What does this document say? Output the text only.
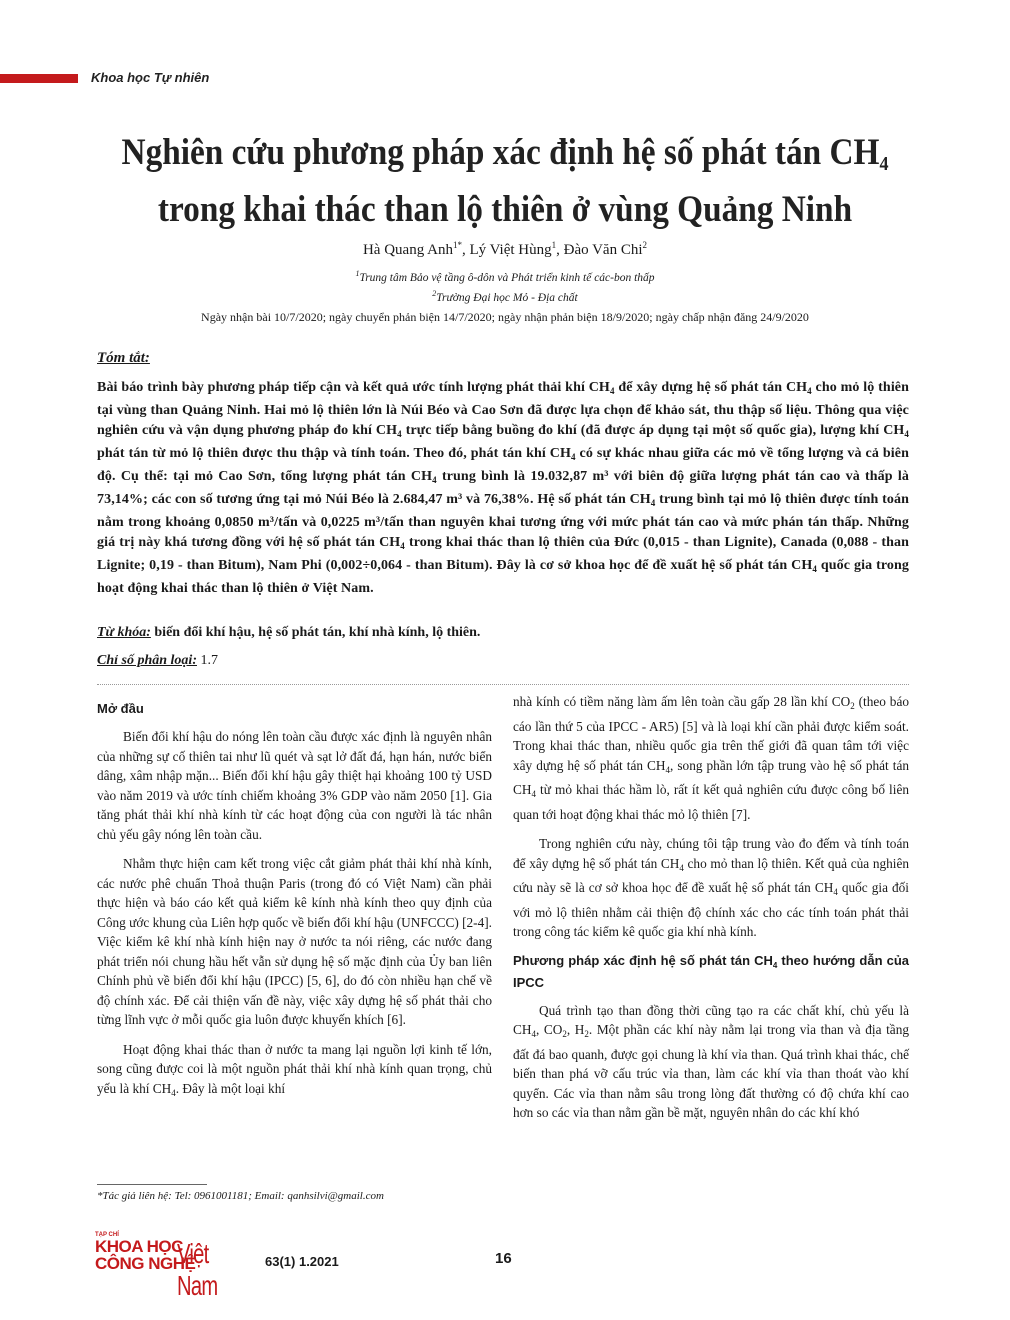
Khoa học Tự nhiên
Nghiên cứu phương pháp xác định hệ số phát tán $CH_4$
trong khai thác than lộ thiên ở vùng Quảng Ninh
Hà Quang Anh$^{1*}$, Lý Việt Hùng$^1$, Đào Văn Chi$^2$
$^1$Trung tâm Bảo vệ tầng ô-dôn và Phát triển kinh tế các-bon thấp
$^2$Trường Đại học Mỏ - Địa chất
Ngày nhận bài 10/7/2020; ngày chuyển phản biện 14/7/2020; ngày nhận phản biện 18/9/2020; ngày chấp nhận đăng 24/9/2020
Tóm tắt:
Bài báo trình bày phương pháp tiếp cận và kết quả ước tính lượng phát thải khí $CH_4$ để xây dựng hệ số phát tán $CH_4$ cho mỏ lộ thiên tại vùng than Quảng Ninh. Hai mỏ lộ thiên lớn là Núi Béo và Cao Sơn đã được lựa chọn để khảo sát, thu thập số liệu. Thông qua việc nghiên cứu và vận dụng phương pháp đo khí $CH_4$ trực tiếp bằng buồng đo khí (đã được áp dụng tại một số quốc gia), lượng khí $CH_4$ phát tán từ mỏ lộ thiên được thu thập và tính toán. Theo đó, phát tán khí $CH_4$ có sự khác nhau giữa các mỏ về tổng lượng và cả biên độ. Cụ thể: tại mỏ Cao Sơn, tổng lượng phát tán $CH_4$ trung bình là 19.032,87 m³ với biên độ giữa lượng phát tán cao và thấp là 73,14%; các con số tương ứng tại mỏ Núi Béo là 2.684,47 m³ và 76,38%. Hệ số phát tán $CH_4$ trung bình tại mỏ lộ thiên được tính toán nằm trong khoảng 0,0850 m³/tấn và 0,0225 m³/tấn than nguyên khai tương ứng với mức phát tán cao và mức phán tán thấp. Những giá trị này khá tương đồng với hệ số phát tán $CH_4$ trong khai thác than lộ thiên của Đức (0,015 - than Lignite), Canada (0,088 - than Lignite; 0,19 - than Bitum), Nam Phi (0,002÷0,064 - than Bitum). Đây là cơ sở khoa học để đề xuất hệ số phát tán $CH_4$ quốc gia trong hoạt động khai thác than lộ thiên ở Việt Nam.
Từ khóa: biến đổi khí hậu, hệ số phát tán, khí nhà kính, lộ thiên.
Chỉ số phân loại: 1.7
Mở đầu

Biến đổi khí hậu do nóng lên toàn cầu được xác định là nguyên nhân của những sự cố thiên tai như lũ quét và sạt lở đất đá, hạn hán, nước biển dâng, xâm nhập mặn... Biến đổi khí hậu gây thiệt hại khoảng 100 tỷ USD vào năm 2019 và ước tính chiếm khoảng 3% GDP vào năm 2050 [1]. Gia tăng phát thải khí nhà kính từ các hoạt động của con người là tác nhân chủ yếu gây nóng lên toàn cầu.

Nhằm thực hiện cam kết trong việc cắt giảm phát thải khí nhà kính, các nước phê chuẩn Thoả thuận Paris (trong đó có Việt Nam) cần phải thực hiện và báo cáo kết quả kiểm kê kính nhà kính theo quy định của Công ước khung của Liên hợp quốc về biến đổi khí hậu (UNFCCC) [2-4]. Việc kiểm kê khí nhà kính hiện nay ở nước ta nói riêng, các nước đang phát triển nói chung hầu hết vẫn sử dụng hệ số mặc định của Ủy ban liên Chính phủ về biến đổi khí hậu (IPCC) [5, 6], do đó còn nhiều hạn chế về độ chính xác. Để cải thiện vấn đề này, việc xây dựng hệ số phát thải cho từng lĩnh vực ở mỗi quốc gia luôn được khuyến khích [6].

Hoạt động khai thác than ở nước ta mang lại nguồn lợi kinh tế lớn, song cũng được coi là một nguồn phát thải khí nhà kính quan trọng, chủ yếu là khí $CH_4$. Đây là một loại khí

nhà kính có tiềm năng làm ấm lên toàn cầu gấp 28 lần khí $CO_2$ (theo báo cáo lần thứ 5 của IPCC - AR5) [5] và là loại khí cần phải được kiểm soát. Trong khai thác than, nhiều quốc gia trên thế giới đã quan tâm tới việc xây dựng hệ số phát tán $CH_4$, song phần lớn tập trung vào hệ số phát tán $CH_4$ từ mỏ khai thác hầm lò, rất ít kết quả nghiên cứu được công bố liên quan tới hoạt động khai thác mỏ lộ thiên [7].

Trong nghiên cứu này, chúng tôi tập trung vào đo đếm và tính toán để xây dựng hệ số phát tán $CH_4$ cho mỏ than lộ thiên. Kết quả của nghiên cứu này sẽ là cơ sở khoa học để đề xuất hệ số phát tán $CH_4$ quốc gia đối với mỏ lộ thiên nhằm cải thiện độ chính xác cho các tính toán phát thải trong công tác kiểm kê quốc gia khí nhà kính.

Phương pháp xác định hệ số phát tán $CH_4$ theo hướng dẫn của IPCC

Quá trình tạo than đồng thời cũng tạo ra các chất khí, chủ yếu là $CH_4$, $CO_2$, $H_2$. Một phần các khí này nằm lại trong vỉa than và địa tầng đất đá bao quanh, được gọi chung là khí vỉa than. Quá trình khai thác, chế biến than phá vỡ cấu trúc vỉa than, làm các khí vỉa than thoát vào khí quyển. Các vỉa than nằm sâu trong lòng đất thường có độ chứa khí cao hơn so các vỉa than nằm gần bề mặt, nguyên nhân do các khí khó

*Tác giả liên hệ: Tel: 0961001181; Email: qanhsilvi@gmail.com
TẠP CHÍ
KHOA HỌC
CÔNG NGHỆ
Việt Nam
63(1) 1.2021	16
